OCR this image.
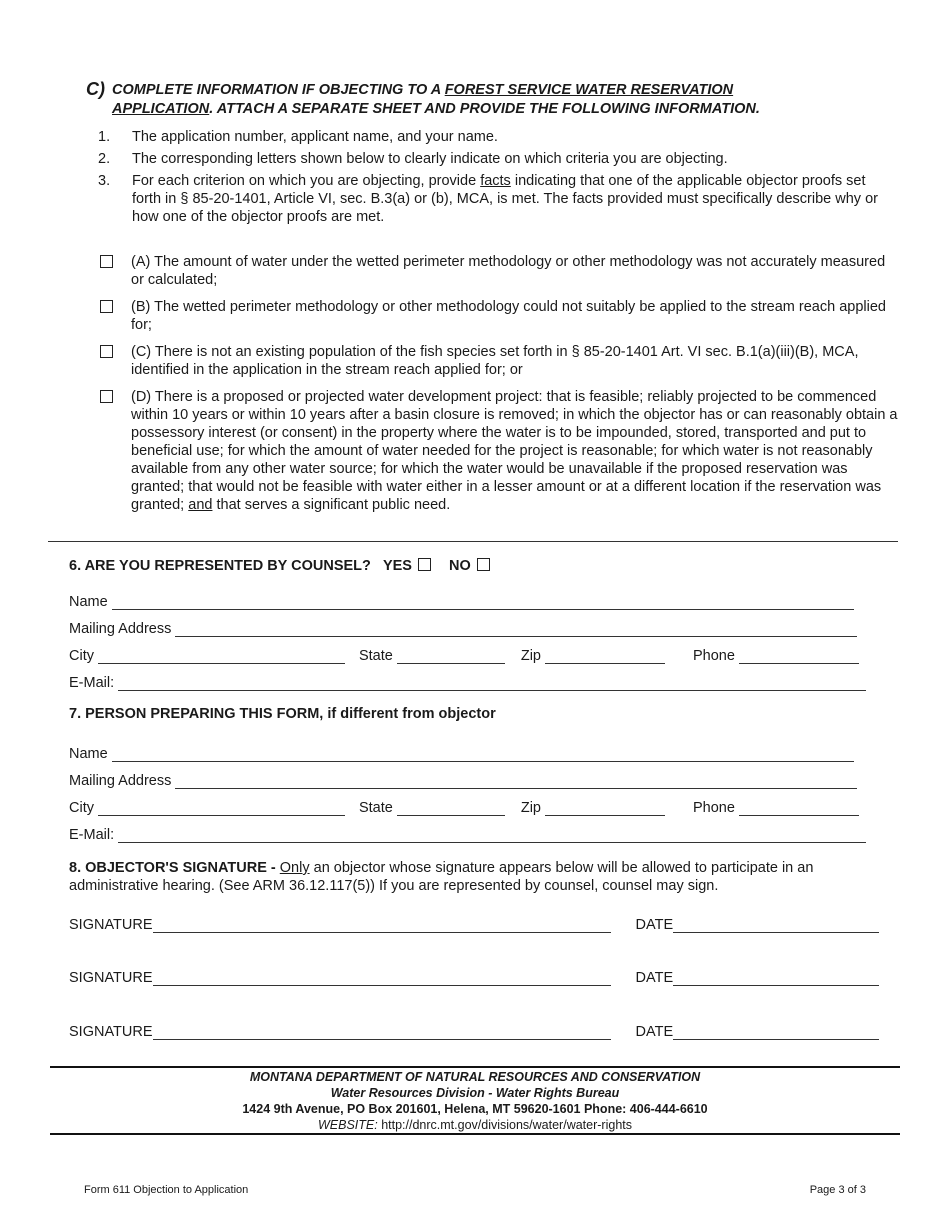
C) COMPLETE INFORMATION IF OBJECTING TO A FOREST SERVICE WATER RESERVATION APPLICATION. ATTACH A SEPARATE SHEET AND PROVIDE THE FOLLOWING INFORMATION.
1.	The application number, applicant name, and your name.
2.	The corresponding letters shown below to clearly indicate on which criteria you are objecting.
3.	For each criterion on which you are objecting, provide facts indicating that one of the applicable objector proofs set forth in § 85-20-1401, Article VI, sec. B.3(a) or (b), MCA, is met. The facts provided must specifically describe why or how one of the objector proofs are met.
(A) The amount of water under the wetted perimeter methodology or other methodology was not accurately measured or calculated;
(B) The wetted perimeter methodology or other methodology could not suitably be applied to the stream reach applied for;
(C) There is not an existing population of the fish species set forth in § 85-20-1401 Art. VI sec. B.1(a)(iii)(B), MCA, identified in the application in the stream reach applied for; or
(D) There is a proposed or projected water development project: that is feasible; reliably projected to be commenced within 10 years or within 10 years after a basin closure is removed; in which the objector has or can reasonably obtain a possessory interest (or consent) in the property where the water is to be impounded, stored, transported and put to beneficial use; for which the amount of water needed for the project is reasonable; for which water is not reasonably available from any other water source; for which the water would be unavailable if the proposed reservation was granted; that would not be feasible with water either in a lesser amount or at a different location if the reservation was granted; and that serves a significant public need.
6. ARE YOU REPRESENTED BY COUNSEL? YES	NO
Name
Mailing Address
City	State	Zip	Phone
E-Mail:
7. PERSON PREPARING THIS FORM, if different from objector
Name
Mailing Address
City	State	Zip	Phone
E-Mail:
8. OBJECTOR'S SIGNATURE - Only an objector whose signature appears below will be allowed to participate in an administrative hearing. (See ARM 36.12.117(5)) If you are represented by counsel, counsel may sign.
SIGNATURE	DATE
SIGNATURE	DATE
SIGNATURE	DATE
MONTANA DEPARTMENT OF NATURAL RESOURCES AND CONSERVATION
Water Resources Division - Water Rights Bureau
1424 9th Avenue, PO Box 201601, Helena, MT 59620-1601 Phone: 406-444-6610
WEBSITE: http://dnrc.mt.gov/divisions/water/water-rights
Form 611 Objection to Application	Page 3 of 3
